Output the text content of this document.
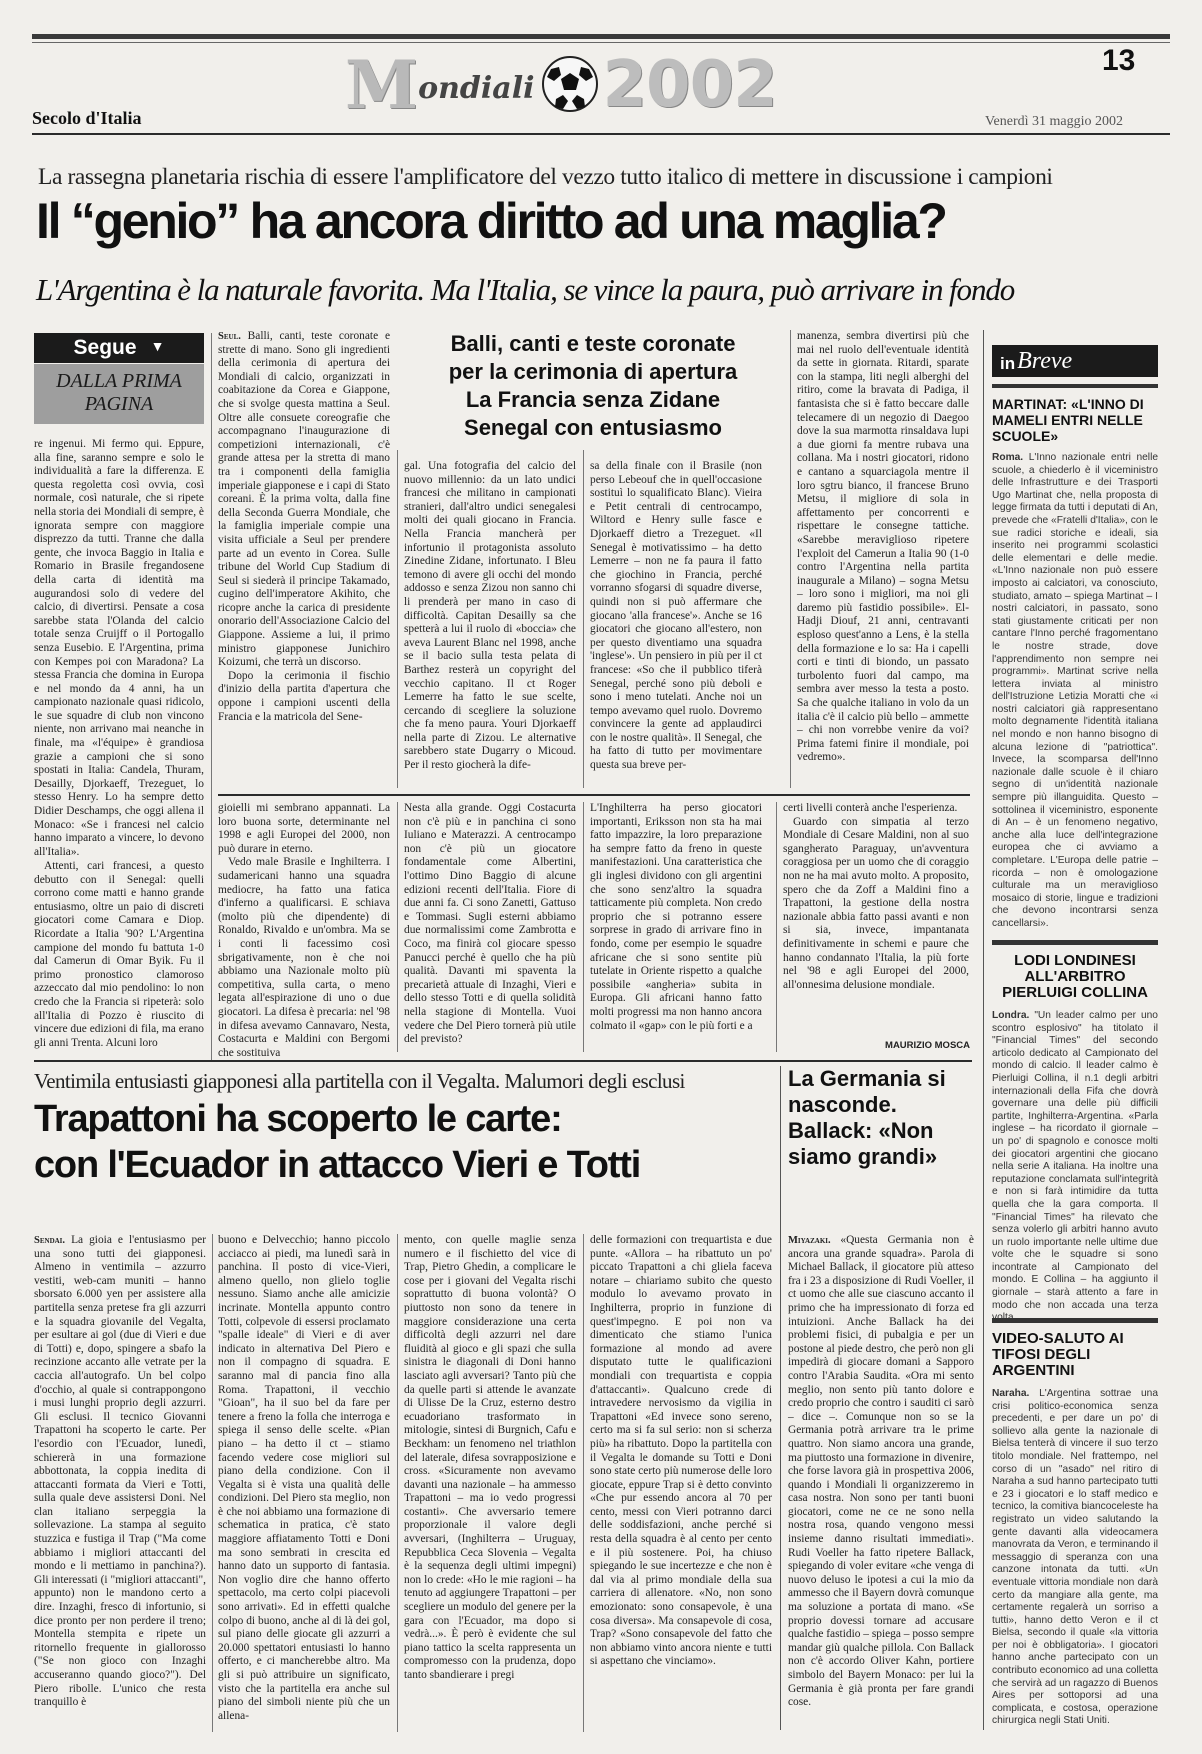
M ondiali 2002	13
Secolo d'Italia	Venerdì 31 maggio 2002
La rassegna planetaria rischia di essere l'amplificatore del vezzo tutto italico di mettere in discussione i campioni
Il “genio” ha ancora diritto ad una maglia?
L'Argentina è la naturale favorita. Ma l'Italia, se vince la paura, può arrivare in fondo
Segue ▼
DALLA PRIMA PAGINA
re ingenui. Mi fermo qui. Eppure, alla fine, saranno sempre e solo le individualità a fare la differenza. E questa regoletta così ovvia, così normale, così naturale, che si ripete nella storia dei Mondiali di sempre, è ignorata sempre con maggiore disprezzo da tutti. Tranne che dalla gente, che invoca Baggio in Italia e Romario in Brasile fregandosene della carta di identità ma augurandosi solo di vedere del calcio, di divertirsi. Pensate a cosa sarebbe stata l'Olanda del calcio totale senza Cruijff o il Portogallo senza Eusebio. E l'Argentina, prima con Kempes poi con Maradona? La stessa Francia che domina in Europa e nel mondo da 4 anni, ha un campionato nazionale quasi ridicolo, le sue squadre di club non vincono niente, non arrivano mai neanche in finale, ma «l'équipe» è grandiosa grazie a campioni che si sono spostati in Italia: Candela, Thuram, Desailly, Djorkaeff, Trezeguet, lo stesso Henry. Lo ha sempre detto Didier Deschamps, che oggi allena il Monaco: «Se i francesi nel calcio hanno imparato a vincere, lo devono all'Italia».
Attenti, cari francesi, a questo debutto con il Senegal: quelli corrono come matti e hanno grande entusiasmo, oltre un paio di discreti giocatori come Camara e Diop. Ricordate a Italia '90? L'Argentina campione del mondo fu battuta 1-0 dal Camerun di Omar Byik. Fu il primo pronostico clamoroso azzeccato dal mio pendolino: lo non credo che la Francia si ripeterà: solo all'Italia di Pozzo è riuscito di vincere due edizioni di fila, ma erano gli anni Trenta. Alcuni loro
Balli, canti e teste coronate
per la cerimonia di apertura
La Francia senza Zidane
Senegal con entusiasmo
Seul. Balli, canti, teste coronate e strette di mano. Sono gli ingredienti della cerimonia di apertura dei Mondiali di calcio, organizzati in coabitazione da Corea e Giappone, che si svolge questa mattina a Seul. Oltre alle consuete coreografie che accompagnano l'inaugurazione di competizioni internazionali, c'è grande attesa per la stretta di mano tra i componenti della famiglia imperiale giapponese e i capi di Stato coreani. È la prima volta, dalla fine della Seconda Guerra Mondiale, che la famiglia imperiale compie una visita ufficiale a Seul per prendere parte ad un evento in Corea. Sulle tribune del World Cup Stadium di Seul si siederà il principe Takamado, cugino dell'imperatore Akihito, che ricopre anche la carica di presidente onorario dell'Associazione Calcio del Giappone. Assieme a lui, il primo ministro giapponese Junichiro Koizumi, che terrà un discorso.

Dopo la cerimonia il fischio d'inizio della partita d'apertura che oppone i campioni uscenti della Francia e la matricola del Sene-

gal. Una fotografia del calcio del nuovo millennio: da un lato undici francesi che militano in campionati stranieri, dall'altro undici senegalesi molti dei quali giocano in Francia. Nella Francia mancherà per infortunio il protagonista assoluto Zinedine Zidane, infortunato. I Bleu temono di avere gli occhi del mondo addosso e senza Zizou non sanno chi li prenderà per mano in caso di difficoltà. Capitan Desailly sa che spetterà a lui il ruolo di «boccia» che aveva Laurent Blanc nel 1998, anche se il bacio sulla testa pelata di Barthez resterà un copyright del vecchio capitano. Il ct Roger Lemerre ha fatto le sue scelte, cercando di scegliere la soluzione che fa meno paura. Youri Djorkaeff nella parte di Zizou. Le alternative sarebbero state Dugarry o Micoud. Per il resto giocherà la dife-
sa della finale con il Brasile (non perso Lebeouf che in quell'occasione sostituì lo squalificato Blanc). Vieira e Petit centrali di centrocampo, Wiltord e Henry sulle fasce e Djorkaeff dietro a Trezeguet. «Il Senegal è motivatissimo – ha detto Lemerre – non ne fa paura il fatto che giochino in Francia, perché vorranno sfogarsi di squadre diverse, quindi non si può affermare che giocano 'alla francese'». Anche se 16 giocatori che giocano all'estero, non per questo diventiamo una squadra 'inglese'». Un pensiero in più per il ct francese: «So che il pubblico tiferà Senegal, perché sono più deboli e sono i meno tutelati. Anche noi un tempo avevamo quel ruolo. Dovremo convincere la gente ad applaudirci con le nostre qualità». Il Senegal, che ha fatto di tutto per movimentare questa sua breve per-
manenza, sembra divertirsi più che mai nel ruolo dell'eventuale identità da sette in giornata. Ritardi, sparate con la stampa, liti negli alberghi del ritiro, come la bravata di Padiga, il fantasista che si è fatto beccare dalle telecamere di un negozio di Daegoo dove la sua marmotta rinsaldava lupi a due giorni fa mentre rubava una collana. Ma i nostri giocatori, ridono e cantano a squarciagola mentre il loro sgtru bianco, il francese Bruno Metsu, il migliore di sola in affettamento per concorrenti e rispettare le consegne tattiche. «Sarebbe meraviglioso ripetere l'exploit del Camerun a Italia 90 (1-0 contro l'Argentina nella partita inaugurale a Milano) – sogna Metsu – loro sono i migliori, ma noi gli daremo più fastidio possibile». El-Hadji Diouf, 21 anni, centravanti esploso quest'anno a Lens, è la stella della formazione e lo sa: Ha i capelli corti e tinti di biondo, un passato turbolento fuori dal campo, ma sembra aver messo la testa a posto. Sa che qualche italiano in volo da un italia c'è il calcio più bello – ammette – chi non vorrebbe venire da voi? Prima fatemi finire il mondiale, poi vedremo».
gioielli mi sembrano appannati. La loro buona sorte, determinante nel 1998 e agli Europei del 2000, non può durare in eterno.

Vedo male Brasile e Inghilterra. I sudamericani hanno una squadra mediocre, ha fatto una fatica d'inferno a qualificarsi. E schiava (molto più che dipendente) di Ronaldo, Rivaldo e un'ombra. Ma se i conti li facessimo così sbrigativamente, non è che noi abbiamo una Nazionale molto più competitiva, sulla carta, o meno legata all'espirazione di uno o due giocatori. La difesa è precaria: nel '98 in difesa avevamo Cannavaro, Nesta, Costacurta e Maldini con Bergomi che sostituiva

Nesta alla grande. Oggi Costacurta non c'è più e in panchina ci sono Iuliano e Materazzi. A centrocampo non c'è più un giocatore fondamentale come Albertini, l'ottimo Dino Baggio di alcune edizioni recenti dell'Italia. Fiore di due anni fa. Ci sono Zanetti, Gattuso e Tommasi. Sugli esterni abbiamo due normalissimi come Zambrotta e Coco, ma finirà col giocare spesso Panucci perché è quello che ha più qualità. Davanti mi spaventa la precarietà attuale di Inzaghi, Vieri e dello stesso Totti e di quella solidità nella stagione di Montella. Vuoi vedere che Del Piero tornerà più utile del previsto?
L'Inghilterra ha perso giocatori importanti, Eriksson non sta ha mai fatto impazzire, la loro preparazione ha sempre fatto da freno in queste manifestazioni. Una caratteristica che gli inglesi dividono con gli argentini che sono senz'altro la squadra tatticamente più completa. Non credo proprio che si potranno essere sorprese in grado di arrivare fino in fondo, come per esempio le squadre africane che si sono sentite più tutelate in Oriente rispetto a qualche possibile «angheria» subita in Europa. Gli africani hanno fatto molti progressi ma non hanno ancora colmato il «gap» con le più forti e a
certi livelli conterà anche l'esperienza.

Guardo con simpatia al terzo Mondiale di Cesare Maldini, non al suo sgangherato Paraguay, un'avventura coraggiosa per un uomo che di coraggio non ne ha mai avuto molto. A proposito, spero che da Zoff a Maldini fino a Trapattoni, la gestione della nostra nazionale abbia fatto passi avanti e non si sia, invece, impantanata definitivamente in schemi e paure che hanno condannato l'Italia, la più forte nel '98 e agli Europei del 2000, all'onnesima delusione mondiale.

MAURIZIO MOSCA
in Breve
MARTINAT: «L'INNO DI MAMELI ENTRI NELLE SCUOLE»
Roma. L'Inno nazionale entri nelle scuole, a chiederlo è il viceministro delle Infrastrutture e dei Trasporti Ugo Martinat che, nella proposta di legge firmata da tutti i deputati di An, prevede che «Fratelli d'Italia», con le sue radici storiche e ideali, sia inserito nei programmi scolastici delle elementari e delle medie. «L'Inno nazionale non può essere imposto ai calciatori, va conosciuto, studiato, amato – spiega Martinat – I nostri calciatori, in passato, sono stati giustamente criticati per non cantare l'Inno perché fragomentano le nostre strade, dove l'apprendimento non sempre nei programmi». Martinat scrive nella lettera inviata al ministro dell'Istruzione Letizia Moratti che «i nostri calciatori già rappresentano molto degnamente l'identità italiana nel mondo e non hanno bisogno di alcuna lezione di "patriottica". Invece, la scomparsa dell'Inno nazionale dalle scuole è il chiaro segno di un'identità nazionale sempre più illanguidita. Questo – sottolinea il viceministro, esponente di An – è un fenomeno negativo, anche alla luce dell'integrazione europea che ci avviamo a completare. L'Europa delle patrie – ricorda – non è omologazione culturale ma un meraviglioso mosaico di storie, lingue e tradizioni che devono incontrarsi senza cancellarsi».
LODI LONDINESI ALL'ARBITRO PIERLUIGI COLLINA
Londra. "Un leader calmo per uno scontro esplosivo" ha titolato il "Financial Times" del secondo articolo dedicato al Campionato del mondo di calcio. Il leader calmo è Pierluigi Collina, il n.1 degli arbitri internazionali della Fifa che dovrà governare una delle più difficili partite, Inghilterra-Argentina. «Parla inglese – ha ricordato il giornale – un po' di spagnolo e conosce molti dei giocatori argentini che giocano nella serie A italiana. Ha inoltre una reputazione conclamata sull'integrità e non si farà intimidire da tutta quella che la gara comporta. Il "Financial Times" ha rilevato che senza volerlo gli arbitri hanno avuto un ruolo importante nelle ultime due volte che le squadre si sono incontrate al Campionato del mondo. E Collina – ha aggiunto il giornale – starà attento a fare in modo che non accada una terza
VIDEO-SALUTO AI TIFOSI DEGLI ARGENTINI
Naraha. L'Argentina sottrae una crisi politico-economica senza precedenti, e per dare un po' di sollievo alla gente la nazionale di Bielsa tenterà di vincere il suo terzo titolo mondiale. Nel frattempo, nel corso di un "asado" nel ritiro di Naraha a sud hanno partecipato tutti e 23 i giocatori e lo staff medico e tecnico, la comitiva biancoceleste ha registrato un video salutando la gente davanti alla videocamera manovrata da Veron, e terminando il messaggio di speranza con una canzone intonata da tutti. «Un eventuale vittoria mondiale non darà certo da mangiare alla gente, ma certamente regalerà un sorriso a tutti», hanno detto Veron e il ct Bielsa, secondo il quale «la vittoria per noi è obbligatoria». I giocatori hanno anche partecipato con un contributo economico ad una colletta che servirà ad un ragazzo di Buenos Aires per sottoporsi ad una complicata, e costosa, operazione chirurgica negli Stati Uniti.
Ventimila entusiasti giapponesi alla partitella con il Vegalta. Malumori degli esclusi
Trapattoni ha scoperto le carte:
con l'Ecuador in attacco Vieri e Totti
Sendai. La gioia e l'entusiasmo per una sono tutti dei giapponesi. Almeno in ventimila – azzurro vestiti, web-cam muniti – hanno sborsato 6.000 yen per assistere alla partitella senza pretese fra gli azzurri e la squadra giovanile del Vegalta, per esultare ai gol (due di Vieri e due di Totti) e, dopo, spingere a sbafo la recinzione accanto alle vetrate per la caccia all'autografo. Un bel colpo d'occhio, al quale si contrappongono i musi lunghi proprio degli azzurri. Gli esclusi. Il tecnico Giovanni Trapattoni ha scoperto le carte. Per l'esordio con l'Ecuador, lunedì, schiererà in una formazione abbottonata, la coppia inedita di attaccanti formata da Vieri e Totti, sulla quale deve assistersi Doni. Nel clan italiano serpeggia la sollevazione. La stampa al seguito stuzzica e fustiga il Trap ("Ma come abbiamo i migliori attaccanti del mondo e li mettiamo in panchina?). Gli interessati (i "migliori attaccanti", appunto) non le mandono certo a dire. Inzaghi, fresco di infortunio, si dice pronto per non perdere il treno; Montella stempita e ripete un ritornello frequente in giallorosso ("Se non gioco con Inzaghi accuseranno quando gioco?"). Del Piero ribolle. L'unico che resta tranquillo è
buono e Delvecchio; hanno piccolo acciacco ai piedi, ma lunedì sarà in panchina. Il posto di vice-Vieri, almeno quello, non glielo toglie nessuno. Siamo anche alle amicizie incrinate. Montella appunto contro Totti, colpevole di essersi proclamato "spalle ideale" di Vieri e di aver indicato in alternativa Del Piero e non il compagno di squadra. E saranno mal di pancia fino alla Roma. Trapattoni, il vecchio "Gioan", ha il suo bel da fare per tenere a freno la folla che interroga e spiega il senso delle scelte. «Pian piano – ha detto il ct – stiamo facendo vedere cose migliori sul piano della condizione. Con il Vegalta si è vista una qualità delle condizioni. Del Piero sta meglio, non è che noi abbiamo una formazione di schematica in pratica, c'è stato maggiore affiatamento Totti e Doni ma sono sembrati in crescita ed hanno dato un supporto di fantasia. Non voglio dire che hanno offerto spettacolo, ma certo colpi piacevoli sono arrivati». Ed in effetti qualche colpo di buono, anche al di là dei gol, sul piano delle giocate gli azzurri a 20.000 spettatori entusiasti lo hanno offerto, e ci mancherebbe altro. Ma gli si può attribuire un significato, visto che la partitella era anche sul piano del simboli niente più che un allena-
mento, con quelle maglie senza numero e il fischietto del vice di Trap, Pietro Ghedin, a complicare le cose per i giovani del Vegalta rischi soprattutto di buona volontà? O piuttosto non sono da tenere in maggiore considerazione una certa difficoltà degli azzurri nel dare fluidità al gioco e gli spazi che sulla sinistra le diagonali di Doni hanno lasciato agli avversari? Tanto più che da quelle parti si attende le avanzate di Ulisse De la Cruz, esterno destro ecuadoriano trasformato in mitologie, sintesi di Burgnich, Cafu e Beckham: un fenomeno nel triathlon del laterale, difesa sovrapposizione e cross. «Sicuramente non avevamo davanti una nazionale – ha ammesso Trapattoni – ma io vedo progressi costanti». Che avversario temere proporzionale il valore degli avversari, (Inghilterra – Uruguay, Repubblica Ceca Slovenia – Vegalta è la sequenza degli ultimi impegni) non lo crede: «Ho le mie ragioni – ha tenuto ad aggiungere Trapattoni – per scegliere un modulo del genere per la gara con l'Ecuador, ma dopo si vedrà...». È però è evidente che sul piano tattico la scelta rappresenta un compromesso con la prudenza, dopo tanto sbandierare i pregi
delle formazioni con trequartista e due punte. «Allora – ha ribattuto un po' piccato Trapattoni a chi gliela faceva notare – chiariamo subito che questo modulo lo avevamo provato in Inghilterra, proprio in funzione di quest'impegno. E poi non va dimenticato che stiamo l'unica formazione al mondo ad avere disputato tutte le qualificazioni mondiali con trequartista e coppia d'attaccanti». Qualcuno crede di intravedere nervosismo da vigilia in Trapattoni «Ed invece sono sereno, certo ma si fa sul serio: non si scherza più» ha ribattuto. Dopo la partitella con il Vegalta le domande su Totti e Doni sono state certo più numerose delle loro giocate, eppure Trap si è detto convinto «Che pur essendo ancora al 70 per cento, messi con Vieri potranno darci delle soddisfazioni, anche perché si resta della squadra è al cento per cento e il più sostenere. Poi, ha chiuso spiegando le sue incertezze e che non è dal via al primo mondiale della sua carriera di allenatore. «No, non sono emozionato: sono consapevole, è una cosa diversa». Ma consapevole di cosa, Trap? «Sono consapevole del fatto che non abbiamo vinto ancora niente e tutti si aspettano che vinciamo».
La Germania si nasconde. Ballack: «Non siamo grandi»
Miyazaki. «Questa Germania non è ancora una grande squadra». Parola di Michael Ballack, il giocatore più atteso fra i 23 a disposizione di Rudi Voeller, il ct uomo che alle sue ciascuno accanto il primo che ha impressionato di forza ed intuizioni. Anche Ballack ha dei problemi fisici, di pubalgia e per un postone al piede destro, che però non gli impedirà di giocare domani a Sapporo contro l'Arabia Saudita. «Ora mi sento meglio, non sento più tanto dolore e credo proprio che contro i sauditi ci sarò – dice –. Comunque non so se la Germania potrà arrivare tra le prime quattro. Non siamo ancora una grande, ma piuttosto una formazione in divenire, che forse lavora già in prospettiva 2006, quando i Mondiali li organizzeremo in casa nostra. Non sono per tanti buoni giocatori, come ne ce ne sono nella nostra rosa, quando vengono messi insieme danno risultati immediati». Rudi Voeller ha fatto ripetere Ballack, spiegando di voler evitare «che venga di nuovo deluso le ipotesi a cui la mio da ammesso che il Bayern dovrà comunque ma soluzione a portata di mano. «Se proprio dovessi tornare ad accusare qualche fastidio – spiega – posso sempre mandar giù qualche pillola. Con Ballack non c'è accordo Oliver Kahn, portiere simbolo del Bayern Monaco: per lui la Germania è già pronta per fare grandi cose.
